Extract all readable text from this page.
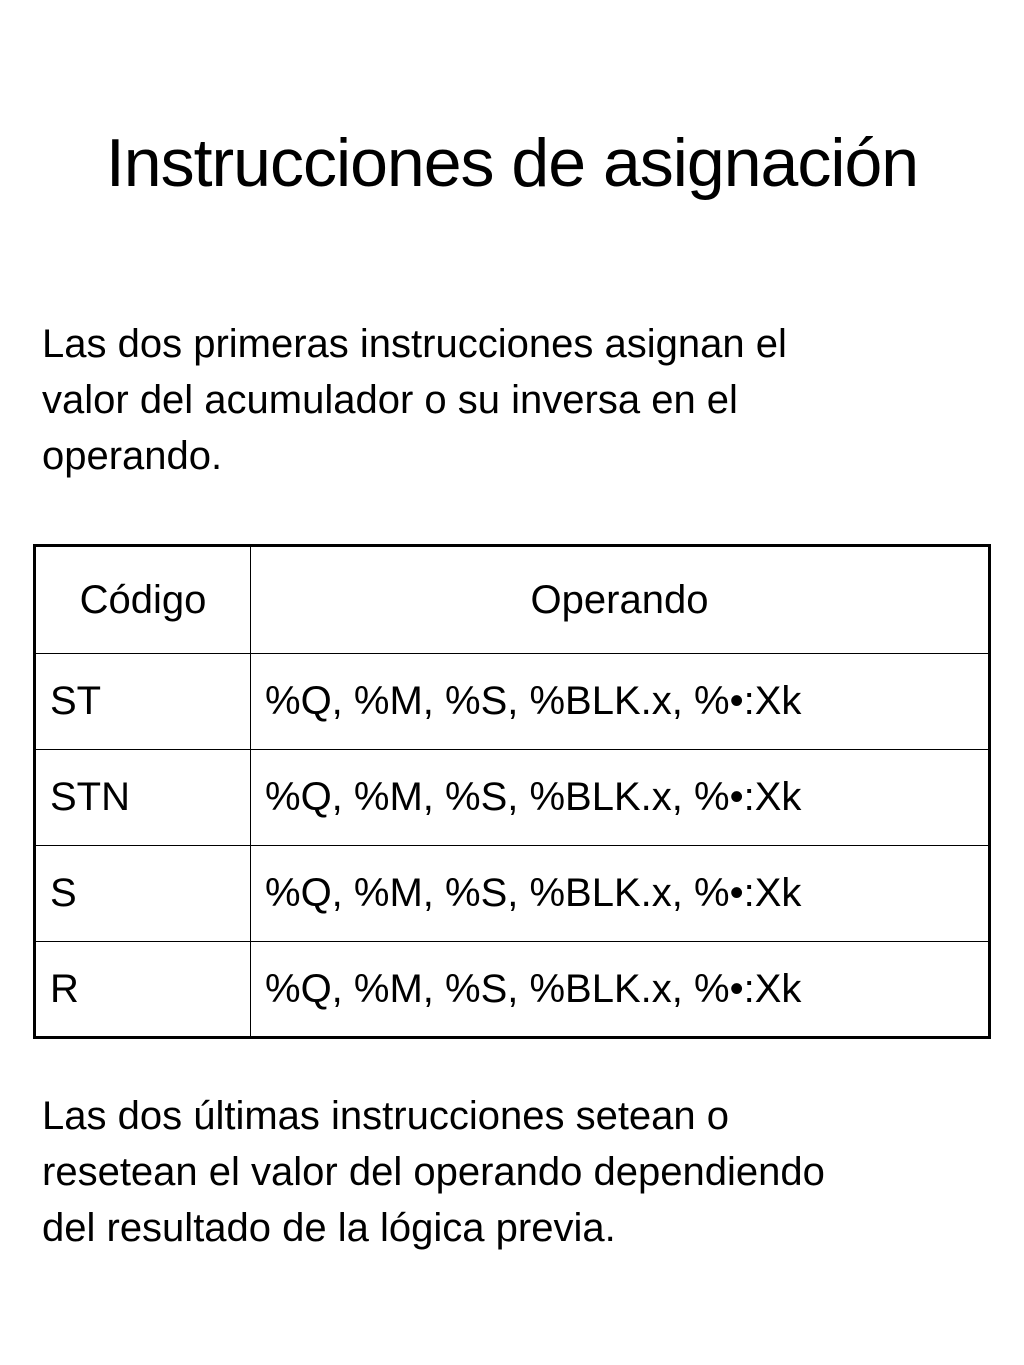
Instrucciones de asignación

Las dos primeras instrucciones asignan el
valor del acumulador o su inversa en el
operando.

Código	Operando
ST	%Q, %M, %S, %BLK.x, %•:Xk
STN	%Q, %M, %S, %BLK.x, %•:Xk
S	%Q, %M, %S, %BLK.x, %•:Xk
R	%Q, %M, %S, %BLK.x, %•:Xk

Las dos últimas instrucciones setean o
resetean el valor del operando dependiendo
del resultado de la lógica previa.
